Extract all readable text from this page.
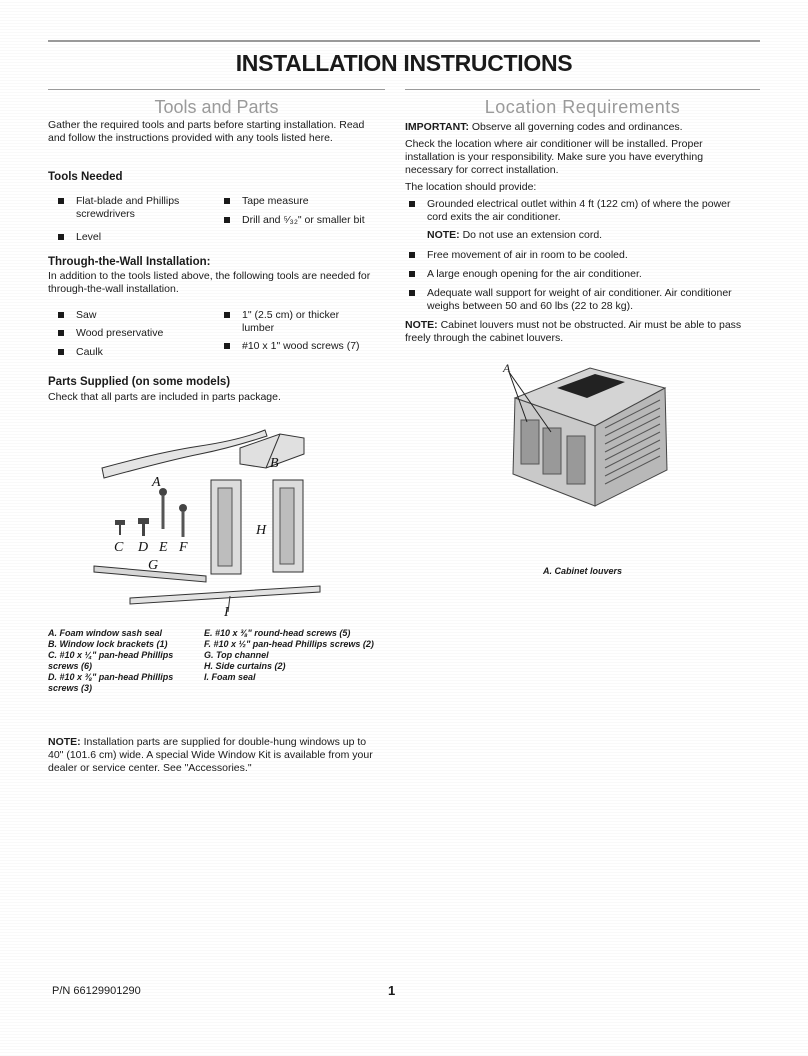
INSTALLATION INSTRUCTIONS
Tools and Parts
Gather the required tools and parts before starting installation. Read and follow the instructions provided with any tools listed here.
Tools Needed
Flat-blade and Phillips screwdrivers
Tape measure
Drill and ⁵⁄₃₂" or smaller bit
Level
Through-the-Wall Installation:
In addition to the tools listed above, the following tools are needed for through-the-wall installation.
Saw	1" (2.5 cm) or thicker lumber
Wood preservative
Caulk	#10 x 1" wood screws (7)
Parts Supplied (on some models)
Check that all parts are included in parts package.
A
B
C D E F
G
H
I
A. Foam window sash seal
B. Window lock brackets (1)
C. #10 x ¼" pan-head Phillips screws (6)
D. #10 x ⅜" pan-head Phillips screws (3)
E. #10 x ⅜" round-head screws (5)
F. #10 x ½" pan-head Phillips screws (2)
G. Top channel
H. Side curtains (2)
I. Foam seal
NOTE: Installation parts are supplied for double-hung windows up to 40" (101.6 cm) wide. A special Wide Window Kit is available from your dealer or service center. See "Accessories."
Location Requirements
IMPORTANT: Observe all governing codes and ordinances.
Check the location where air conditioner will be installed. Proper installation is your responsibility. Make sure you have everything necessary for correct installation.
The location should provide:
Grounded electrical outlet within 4 ft (122 cm) of where the power cord exits the air conditioner.
NOTE: Do not use an extension cord.
Free movement of air in room to be cooled.
A large enough opening for the air conditioner.
Adequate wall support for weight of air conditioner. Air conditioner weighs between 50 and 60 lbs (22 to 28 kg).
NOTE: Cabinet louvers must not be obstructed. Air must be able to pass freely through the cabinet louvers.
A
A. Cabinet louvers
P/N 66129901290	1
